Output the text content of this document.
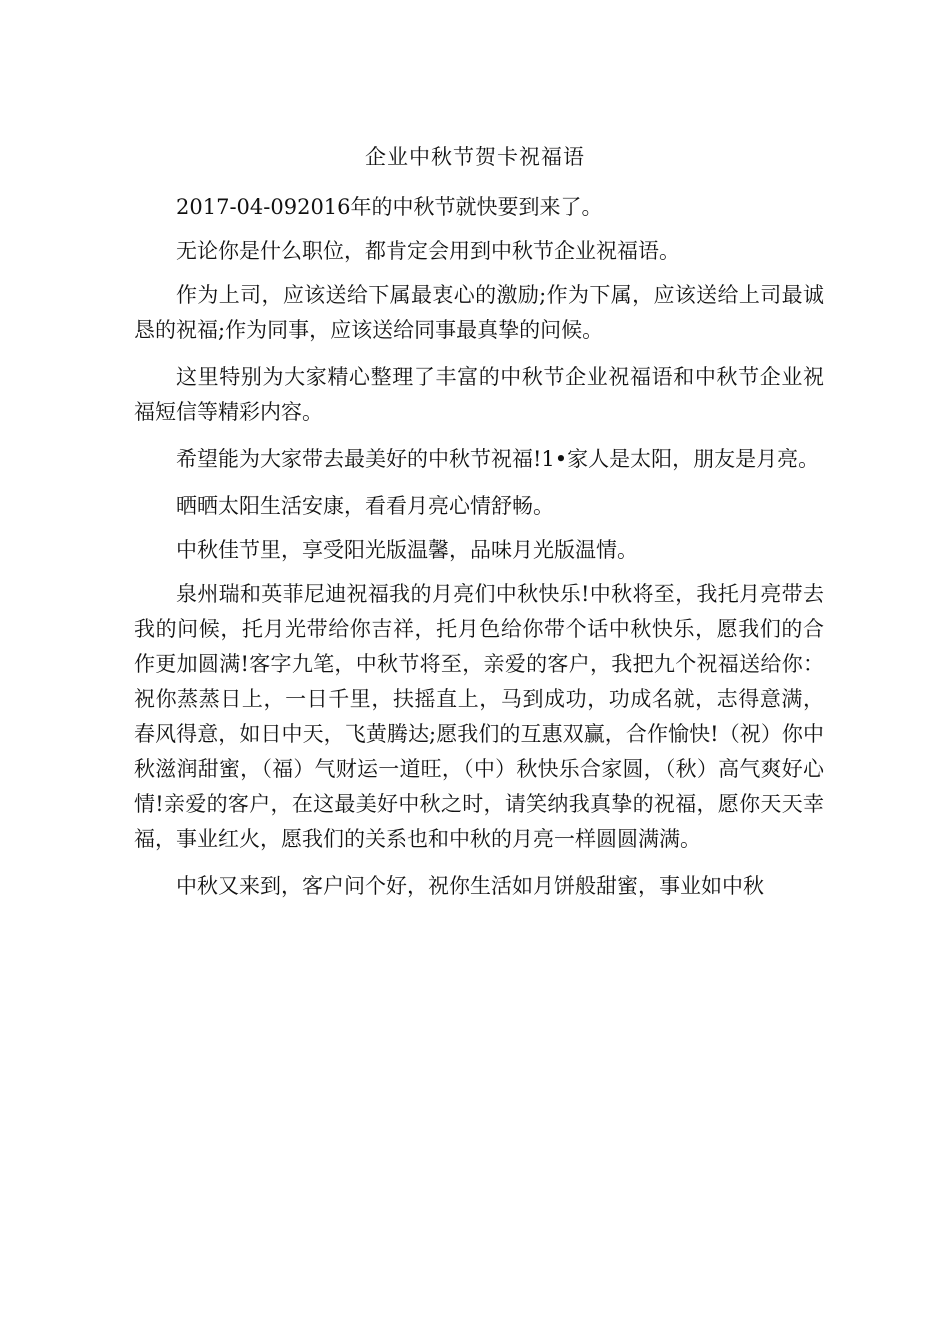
企业中秋节贺卡祝福语

2017-04-092016年的中秋节就快要到来了。

无论你是什么职位，都肯定会用到中秋节企业祝福语。

作为上司，应该送给下属最衷心的激励;作为下属，应该送给上司最诚恳的祝福;作为同事，应该送给同事最真挚的问候。

这里特别为大家精心整理了丰富的中秋节企业祝福语和中秋节企业祝福短信等精彩内容。

希望能为大家带去最美好的中秋节祝福!1•家人是太阳，朋友是月亮。

晒晒太阳生活安康，看看月亮心情舒畅。

中秋佳节里，享受阳光版温馨，品味月光版温情。

泉州瑞和英菲尼迪祝福我的月亮们中秋快乐!中秋将至，我托月亮带去我的问候，托月光带给你吉祥，托月色给你带个话中秋快乐，愿我们的合作更加圆满!客字九笔，中秋节将至，亲爱的客户，我把九个祝福送给你：祝你蒸蒸日上，一日千里，扶摇直上，马到成功，功成名就，志得意满，春风得意，如日中天，飞黄腾达;愿我们的互惠双赢，合作愉快!（祝）你中秋滋润甜蜜，（福）气财运一道旺，（中）秋快乐合家圆，（秋）高气爽好心情!亲爱的客户，在这最美好中秋之时，请笑纳我真挚的祝福，愿你天天幸福，事业红火，愿我们的关系也和中秋的月亮一样圆圆满满。

中秋又来到，客户问个好，祝你生活如月饼般甜蜜，事业如中秋
